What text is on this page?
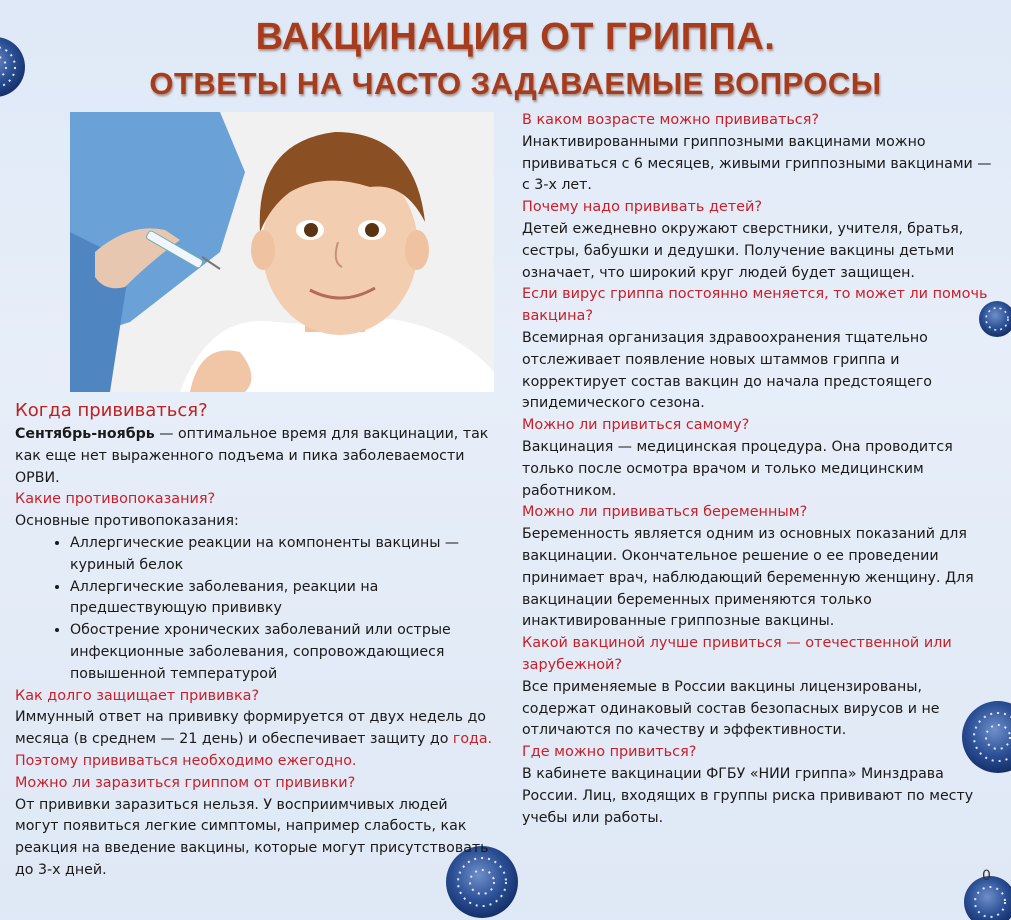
ВАКЦИНАЦИЯ ОТ ГРИППА.
ОТВЕТЫ НА ЧАСТО ЗАДАВАЕМЫЕ ВОПРОСЫ
Когда прививаться?

Сентябрь-ноябрь — оптимальное время для вакцинации, так как еще нет выраженного подъема и пика заболеваемости ОРВИ.

Какие противопоказания?

Основные противопоказания:

• Аллергические реакции на компоненты вакцины — куриный белок
• Аллергические заболевания, реакции на предшествующую прививку
• Обострение хронических заболеваний или острые инфекционные заболевания, сопровождающиеся повышенной температурой
Как долго защищает прививка?

Иммунный ответ на прививку формируется от двух недель до месяца (в среднем — 21 день) и обеспечивает защиту до года. Поэтому прививаться необходимо ежегодно.

Можно ли заразиться гриппом от прививки?

От прививки заразиться нельзя. У восприимчивых людей могут появиться легкие симптомы, например слабость, как реакция на введение вакцины, которые могут присутствовать до 3-х дней.

В каком возрасте можно прививаться?

Инактивированными гриппозными вакцинами можно прививаться с 6 месяцев, живыми гриппозными вакцинами — с 3-х лет.

Почему надо прививать детей?

Детей ежедневно окружают сверстники, учителя, братья, сестры, бабушки и дедушки. Получение вакцины детьми означает, что широкий круг людей будет защищен.

Если вирус гриппа постоянно меняется, то может ли помочь вакцина?

Всемирная организация здравоохранения тщательно отслеживает появление новых штаммов гриппа и корректирует состав вакцин до начала предстоящего эпидемического сезона.

Можно ли привиться самому?

Вакцинация — медицинская процедура. Она проводится только после осмотра врачом и только медицинским работником.

Можно ли прививаться беременным?

Беременность является одним из основных показаний для вакцинации. Окончательное решение о ее проведении принимает врач, наблюдающий беременную женщину. Для вакцинации беременных применяются только инактивированные гриппозные вакцины.

Какой вакциной лучше привиться — отечественной или зарубежной?

Все применяемые в России вакцины лицензированы, содержат одинаковый состав безопасных вирусов и не отличаются по качеству и эффективности.

Где можно привиться?

В кабинете вакцинации ФГБУ «НИИ гриппа» Минздрава России. Лиц, входящих в группы риска прививают по месту учебы или работы.

0
